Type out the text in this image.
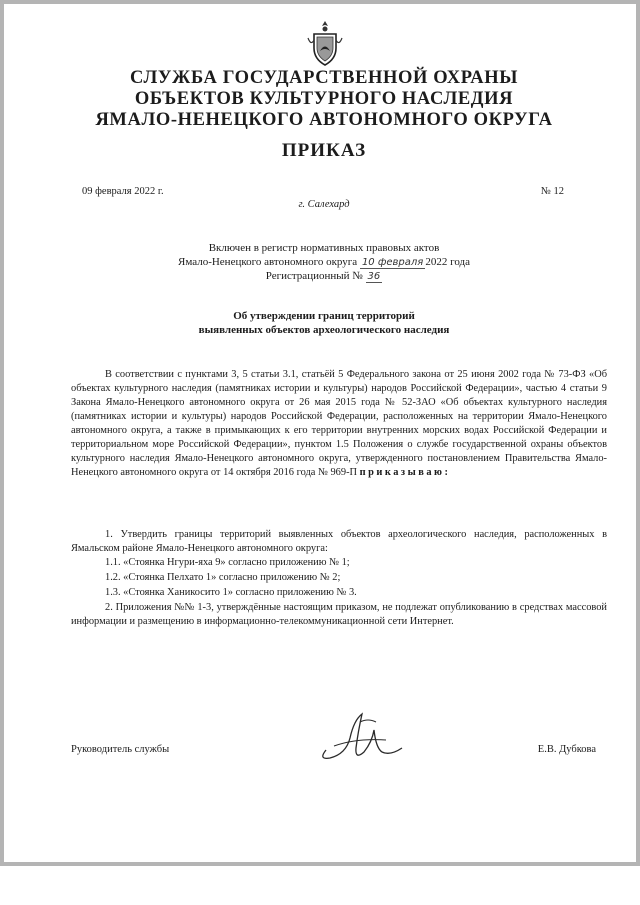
СЛУЖБА ГОСУДАРСТВЕННОЙ ОХРАНЫ

ОБЪЕКТОВ КУЛЬТУРНОГО НАСЛЕДИЯ

ЯМАЛО-НЕНЕЦКОГО АВТОНОМНОГО ОКРУГА

ПРИКАЗ

09 февраля 2022 г.	№ 12
г. Салехард
Включен в регистр нормативных правовых актов
Ямало-Ненецкого автономного округа 10 февраля 2022 года
Регистрационный № 36
Об утверждении границ территорий
выявленных объектов археологического наследия

В соответствии с пунктами 3, 5 статьи 3.1, статьёй 5 Федерального закона от 25 июня 2002 года № 73-ФЗ «Об объектах культурного наследия (памятниках истории и культуры) народов Российской Федерации», частью 4 статьи 9 Закона Ямало-Ненецкого автономного округа от 26 мая 2015 года № 52-ЗАО «Об объектах культурного наследия (памятниках истории и культуры) народов Российской Федерации, расположенных на территории Ямало-Ненецкого автономного округа, а также в примыкающих к его территории внутренних морских водах Российской Федерации и территориальном море Российской Федерации», пунктом 1.5 Положения о службе государственной охраны объектов культурного наследия Ямало-Ненецкого автономного округа, утвержденного постановлением Правительства Ямало-Ненецкого автономного округа от 14 октября 2016 года № 969-П приказываю:

1. Утвердить границы территорий выявленных объектов археологического наследия, расположенных в Ямальском районе Ямало-Ненецкого автономного округа:

1.1. «Стоянка Нгури-яха 9» согласно приложению № 1;
1.2. «Стоянка Пелхато 1» согласно приложению № 2;
1.3. «Стоянка Ханикосито 1» согласно приложению № 3.

2. Приложения №№ 1-3, утверждённые настоящим приказом, не подлежат опубликованию в средствах массовой информации и размещению в информационно-телекоммуникационной сети Интернет.

Руководитель службы	Е.В. Дубкова
